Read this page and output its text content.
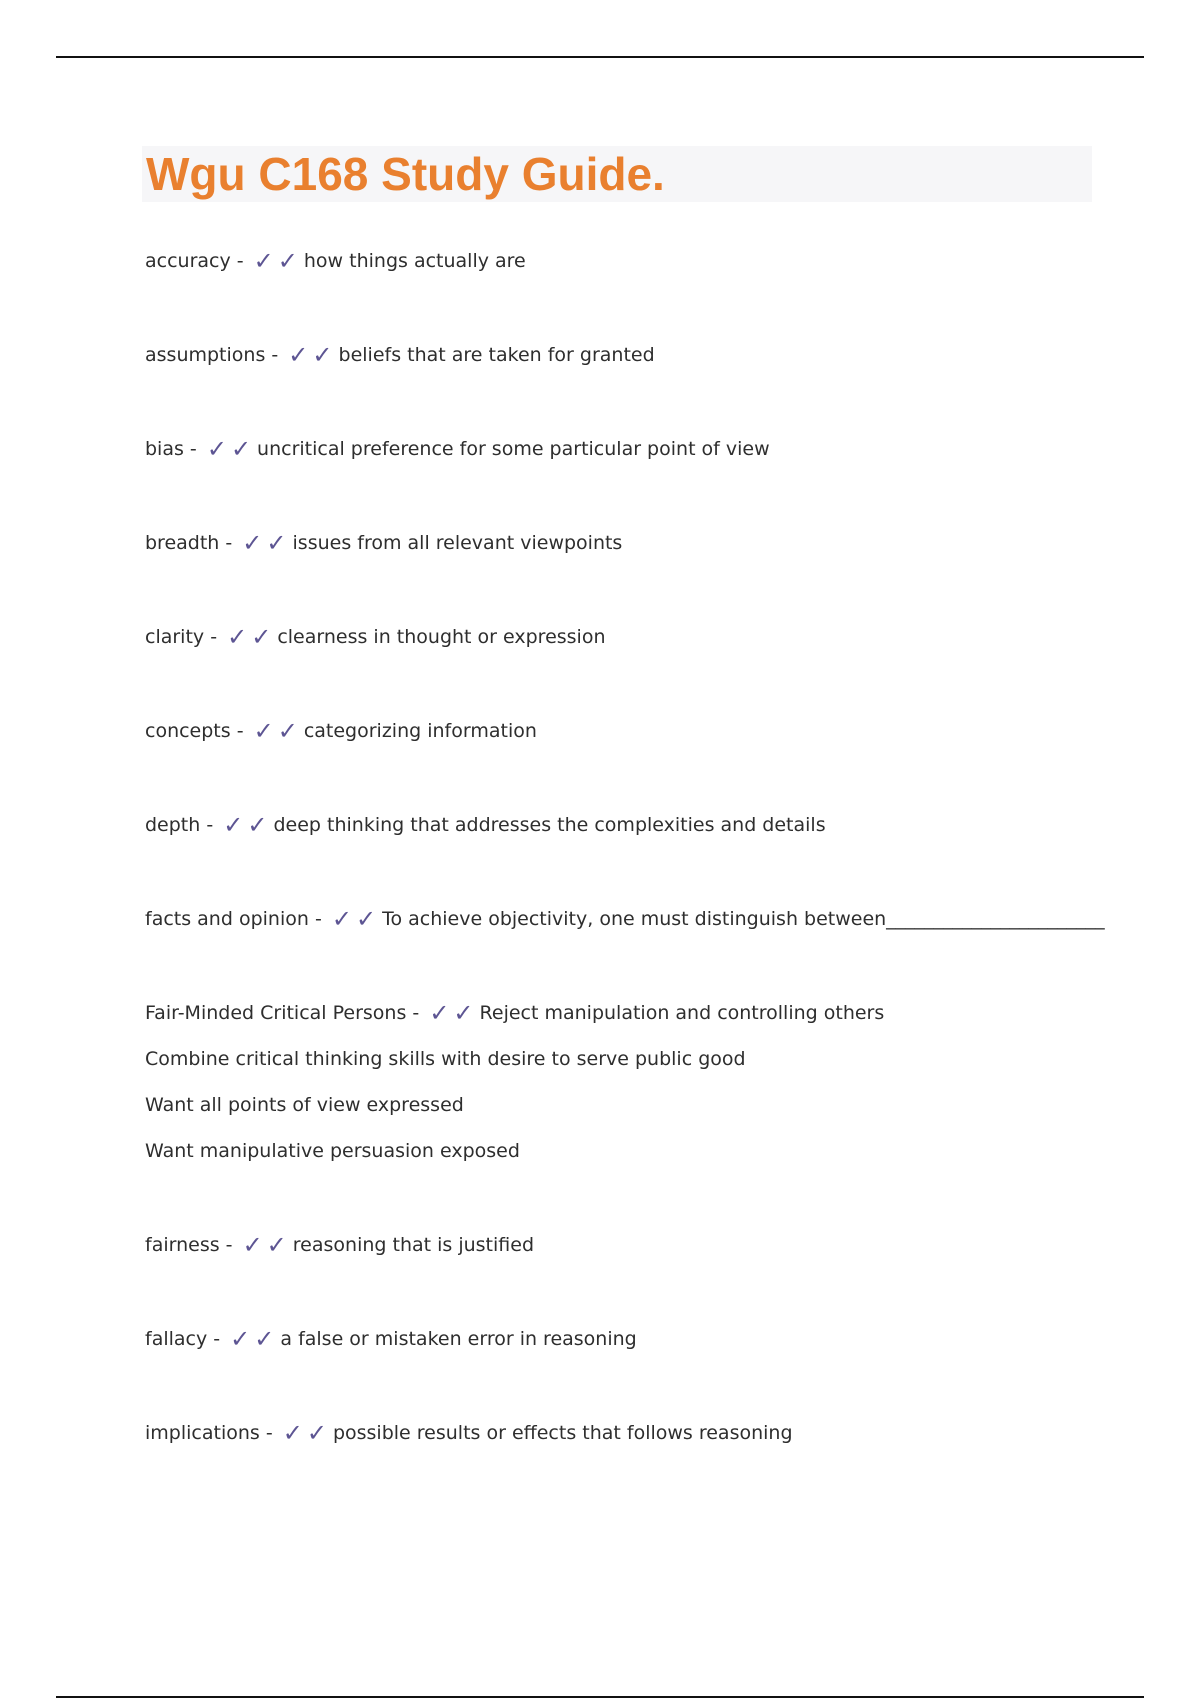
Wgu C168 Study Guide.

accuracy - ✓✓ how things actually are

assumptions - ✓✓ beliefs that are taken for granted

bias - ✓✓ uncritical preference for some particular point of view

breadth - ✓✓ issues from all relevant viewpoints

clarity - ✓✓ clearness in thought or expression

concepts - ✓✓ categorizing information

depth - ✓✓ deep thinking that addresses the complexities and details

facts and opinion - ✓✓ To achieve objectivity, one must distinguish between_______________________

Fair-Minded Critical Persons - ✓✓ Reject manipulation and controlling others

Combine critical thinking skills with desire to serve public good

Want all points of view expressed

Want manipulative persuasion exposed

fairness - ✓✓ reasoning that is justified

fallacy - ✓✓ a false or mistaken error in reasoning

implications - ✓✓ possible results or effects that follows reasoning
